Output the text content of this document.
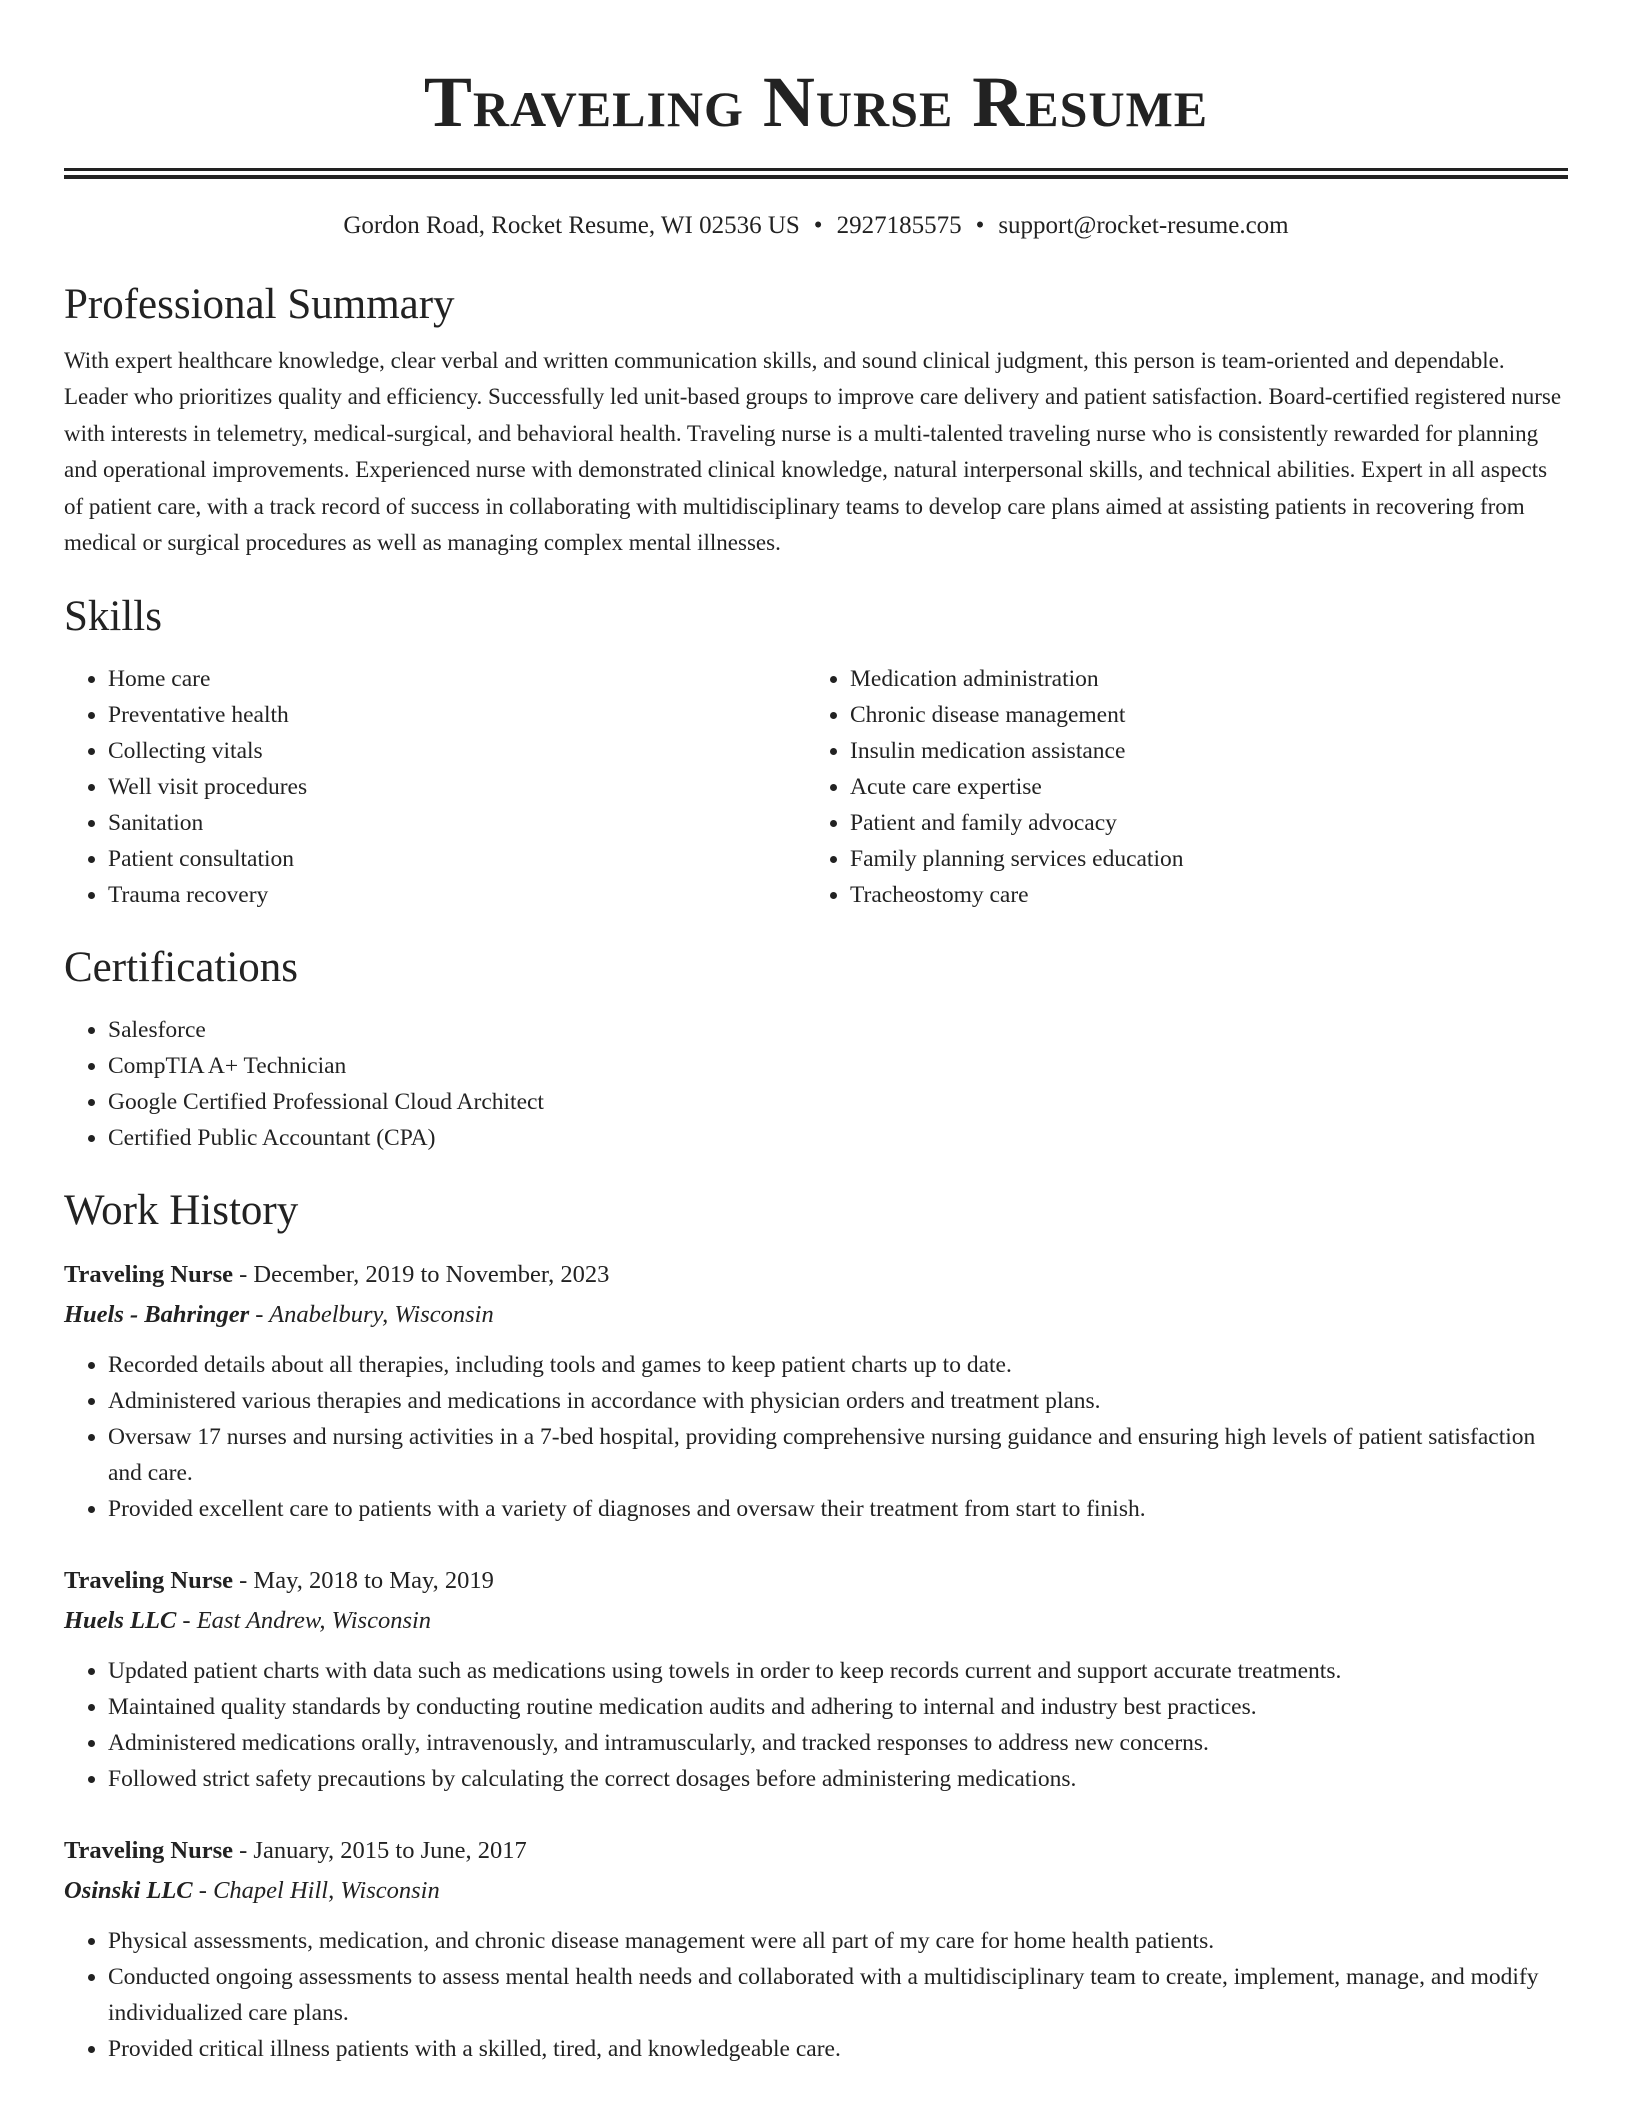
Traveling Nurse Resume
Gordon Road, Rocket Resume, WI 02536 US • 2927185575 • support@rocket-resume.com
Professional Summary
With expert healthcare knowledge, clear verbal and written communication skills, and sound clinical judgment, this person is team-oriented and dependable. Leader who prioritizes quality and efficiency. Successfully led unit-based groups to improve care delivery and patient satisfaction. Board-certified registered nurse with interests in telemetry, medical-surgical, and behavioral health. Traveling nurse is a multi-talented traveling nurse who is consistently rewarded for planning and operational improvements. Experienced nurse with demonstrated clinical knowledge, natural interpersonal skills, and technical abilities. Expert in all aspects of patient care, with a track record of success in collaborating with multidisciplinary teams to develop care plans aimed at assisting patients in recovering from medical or surgical procedures as well as managing complex mental illnesses.
Skills
• Home care
• Preventative health
• Collecting vitals
• Well visit procedures
• Sanitation
• Patient consultation
• Trauma recovery
• Medication administration
• Chronic disease management
• Insulin medication assistance
• Acute care expertise
• Patient and family advocacy
• Family planning services education
• Tracheostomy care
Certifications
• Salesforce
• CompTIA A+ Technician
• Google Certified Professional Cloud Architect
• Certified Public Accountant (CPA)
Work History
Traveling Nurse - December, 2019 to November, 2023
Huels - Bahringer - Anabelbury, Wisconsin
• Recorded details about all therapies, including tools and games to keep patient charts up to date.
• Administered various therapies and medications in accordance with physician orders and treatment plans.
• Oversaw 17 nurses and nursing activities in a 7-bed hospital, providing comprehensive nursing guidance and ensuring high levels of patient satisfaction and care.
• Provided excellent care to patients with a variety of diagnoses and oversaw their treatment from start to finish.
Traveling Nurse - May, 2018 to May, 2019
Huels LLC - East Andrew, Wisconsin
• Updated patient charts with data such as medications using towels in order to keep records current and support accurate treatments.
• Maintained quality standards by conducting routine medication audits and adhering to internal and industry best practices.
• Administered medications orally, intravenously, and intramuscularly, and tracked responses to address new concerns.
• Followed strict safety precautions by calculating the correct dosages before administering medications.
Traveling Nurse - January, 2015 to June, 2017
Osinski LLC - Chapel Hill, Wisconsin
• Physical assessments, medication, and chronic disease management were all part of my care for home health patients.
• Conducted ongoing assessments to assess mental health needs and collaborated with a multidisciplinary team to create, implement, manage, and modify individualized care plans.
• Provided critical illness patients with a skilled, tired, and knowledgeable care.
